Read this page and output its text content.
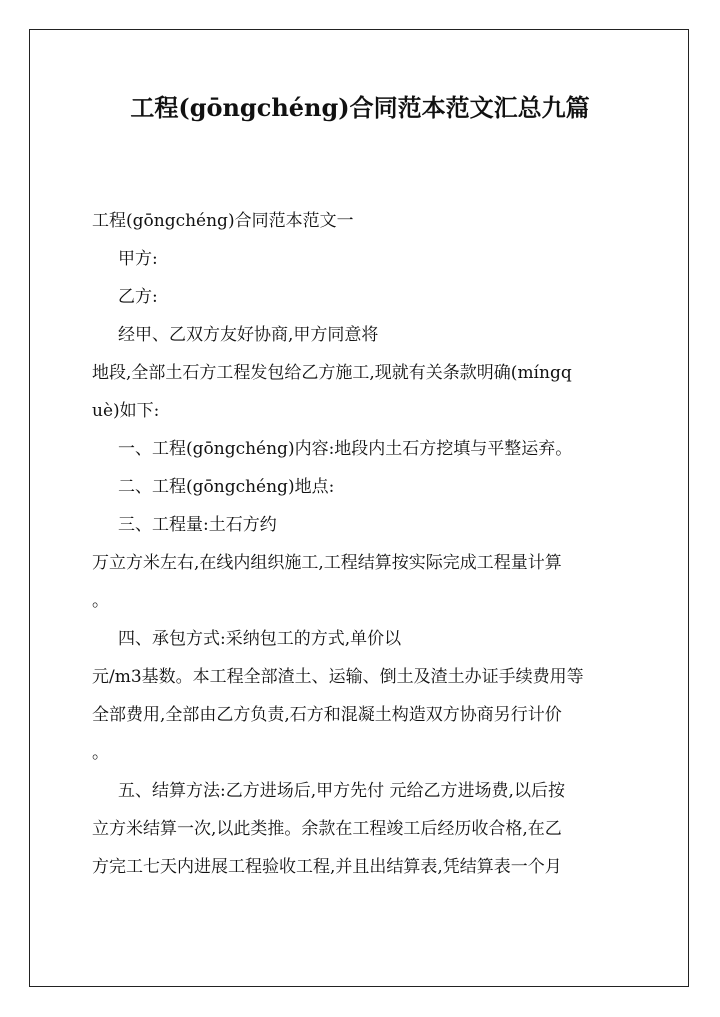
工程(gōngchéng)合同范本范文汇总九篇
工程(gōngchéng)合同范本范文一
甲方:
乙方:
经甲、乙双方友好协商,甲方同意将
地段,全部土石方工程发包给乙方施工,现就有关条款明确(míngq
uè)如下:
一、工程(gōngchéng)内容:地段内土石方挖填与平整运弃。
二、工程(gōngchéng)地点:
三、工程量:土石方约
万立方米左右,在线内组织施工,工程结算按实际完成工程量计算
。
四、承包方式:采纳包工的方式,单价以
元/m3基数。本工程全部渣土、运输、倒土及渣土办证手续费用等
全部费用,全部由乙方负责,石方和混凝土构造双方协商另行计价
。
五、结算方法:乙方进场后,甲方先付 元给乙方进场费,以后按
立方米结算一次,以此类推。余款在工程竣工后经历收合格,在乙
方完工七天内进展工程验收工程,并且出结算表,凭结算表一个月
